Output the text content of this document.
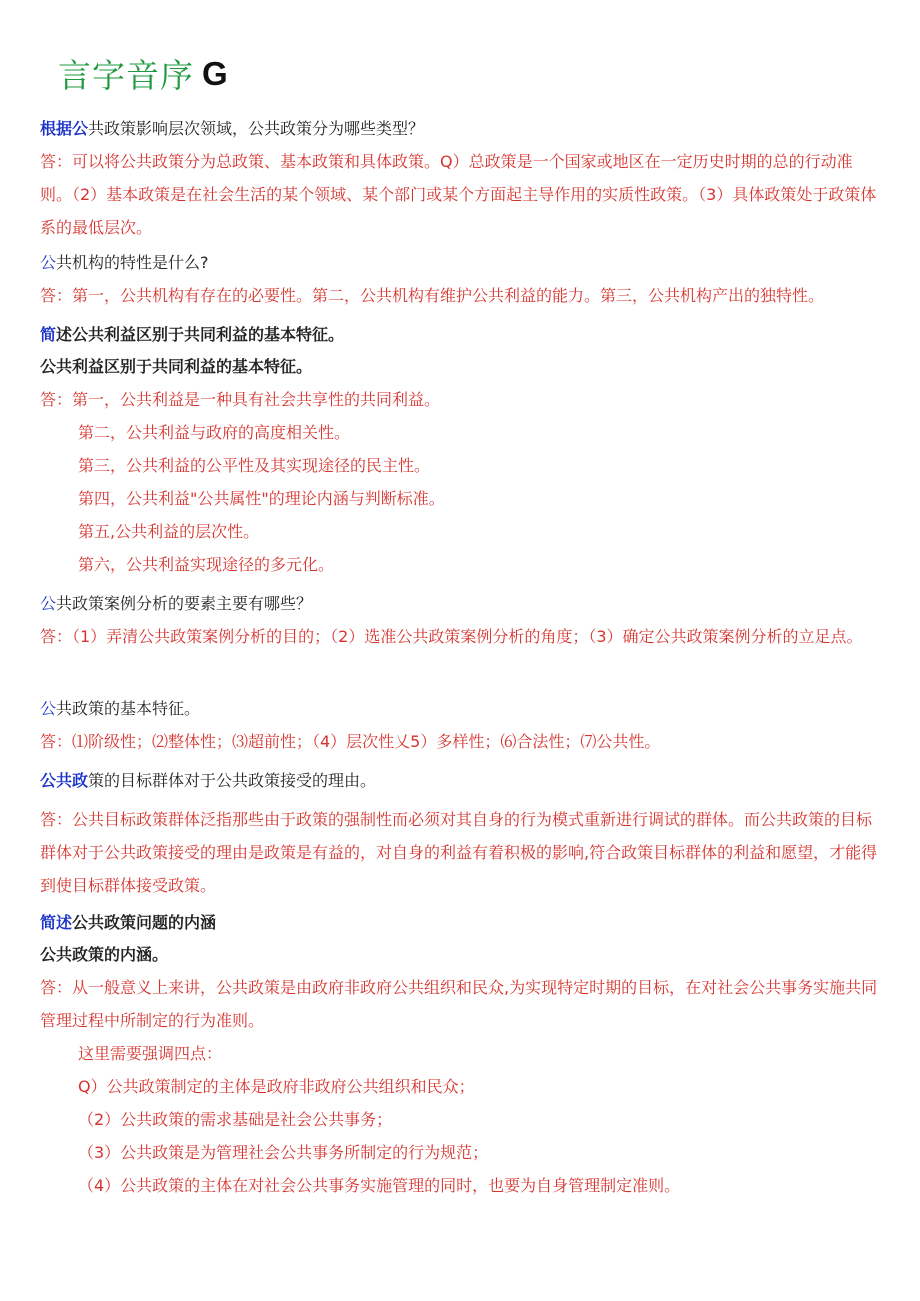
言字音序 G
根据公共政策影响层次领域，公共政策分为哪些类型？
答：可以将公共政策分为总政策、基本政策和具体政策。Q）总政策是一个国家或地区在一定历史时期的总的行动准则。（2）基本政策是在社会生活的某个领域、某个部门或某个方面起主导作用的实质性政策。（3）具体政策处于政策体系的最低层次。
公共机构的特性是什么?
答：第一，公共机构有存在的必要性。第二，公共机构有维护公共利益的能力。第三，公共机构产出的独特性。
简述公共利益区别于共同利益的基本特征。
公共利益区别于共同利益的基本特征。
答：第一，公共利益是一种具有社会共享性的共同利益。
第二，公共利益与政府的高度相关性。
第三，公共利益的公平性及其实现途径的民主性。
第四，公共利益"公共属性"的理论内涵与判断标准。
第五,公共利益的层次性。
第六，公共利益实现途径的多元化。
公共政策案例分析的要素主要有哪些？
答：（1）弄清公共政策案例分析的目的；（2）选准公共政策案例分析的角度；（3）确定公共政策案例分析的立足点。
公共政策的基本特征。
答：⑴阶级性；⑵整体性；⑶超前性；（4）层次性乂5）多样性；⑹合法性；⑺公共性。
公共政策的目标群体对于公共政策接受的理由。
答：公共目标政策群体泛指那些由于政策的强制性而必须对其自身的行为模式重新进行调试的群体。而公共政策的目标群体对于公共政策接受的理由是政策是有益的，对自身的利益有着积极的影响,符合政策目标群体的利益和愿望，才能得到使目标群体接受政策。
简述公共政策问题的内涵
公共政策的内涵。
答：从一般意义上来讲，公共政策是由政府非政府公共组织和民众,为实现特定时期的目标，在对社会公共事务实施共同管理过程中所制定的行为准则。
这里需要强调四点：
Q）公共政策制定的主体是政府非政府公共组织和民众；
（2）公共政策的需求基础是社会公共事务；
（3）公共政策是为管理社会公共事务所制定的行为规范；
（4）公共政策的主体在对社会公共事务实施管理的同时，也要为自身管理制定准则。
